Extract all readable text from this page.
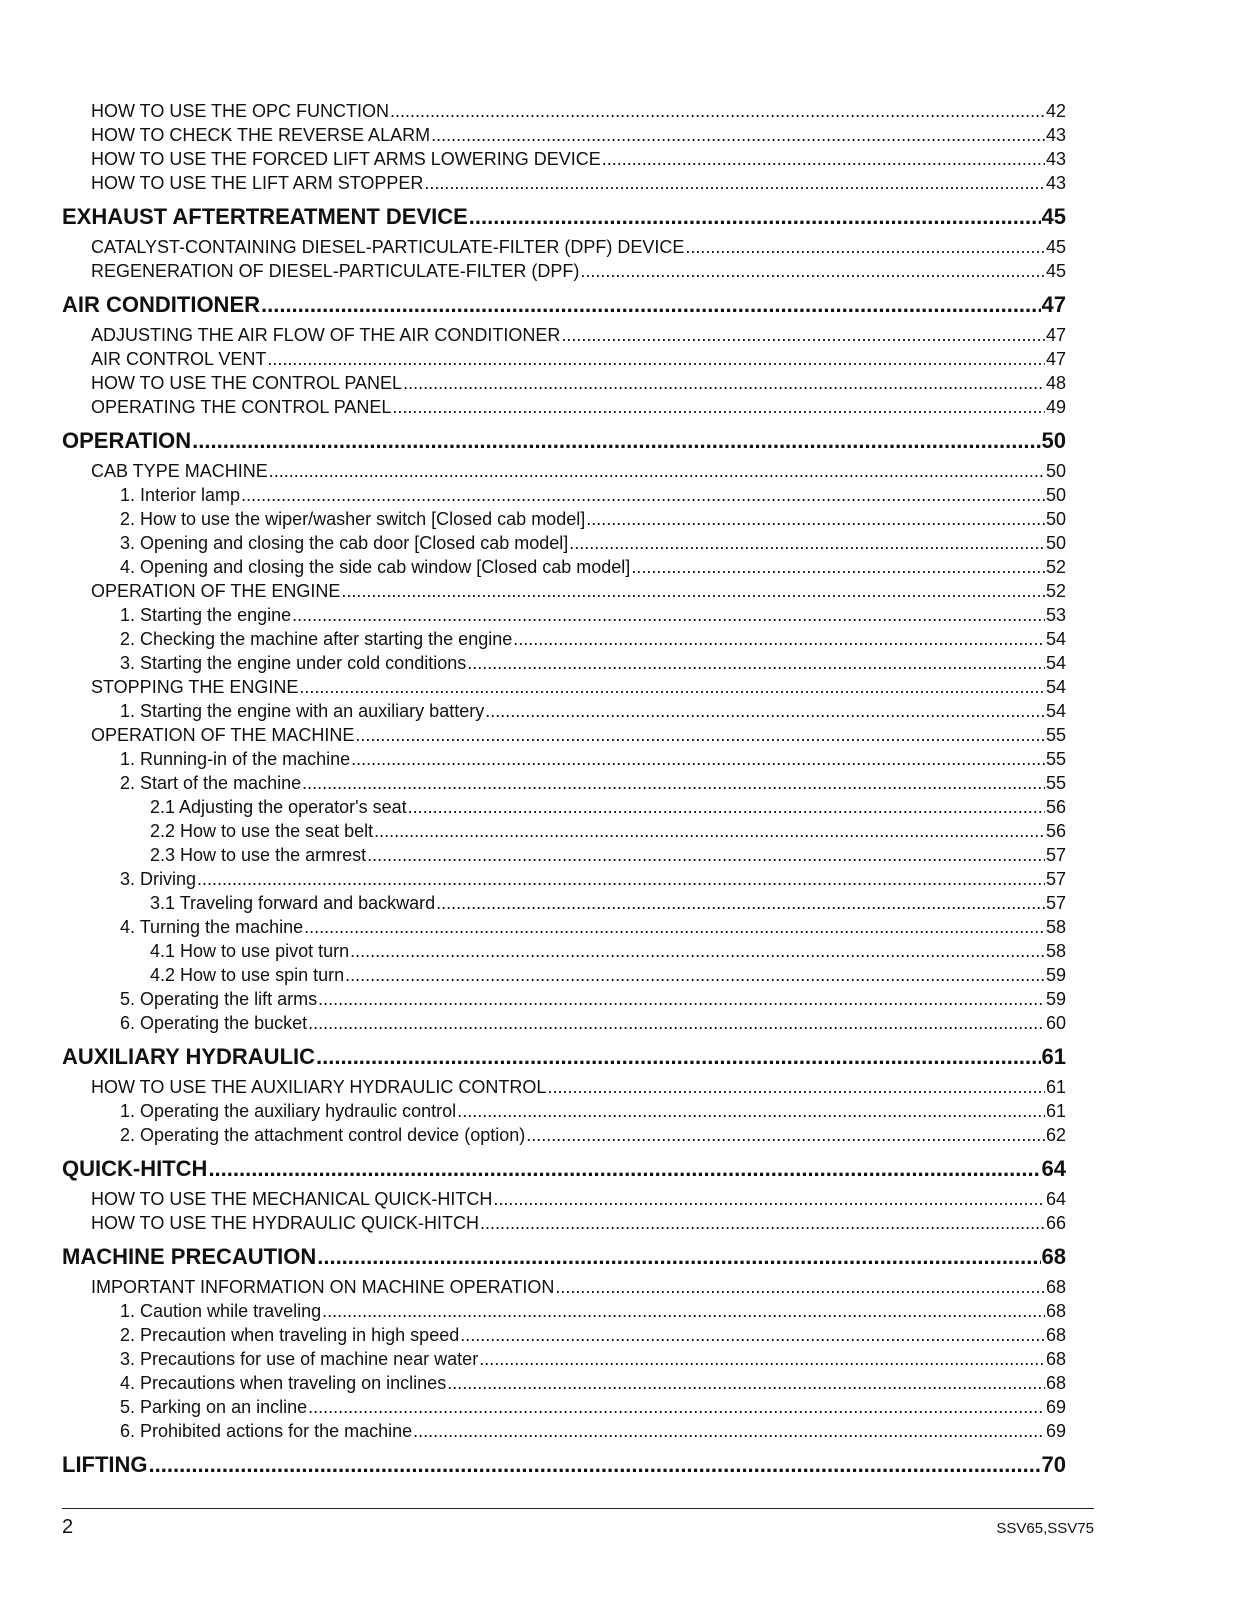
HOW TO USE THE OPC FUNCTION .....	42
HOW TO CHECK THE REVERSE ALARM .....	43
HOW TO USE THE FORCED LIFT ARMS LOWERING DEVICE .....	43
HOW TO USE THE LIFT ARM STOPPER .....	43
EXHAUST AFTERTREATMENT DEVICE .....	45
CATALYST-CONTAINING DIESEL-PARTICULATE-FILTER (DPF) DEVICE .....	45
REGENERATION OF DIESEL-PARTICULATE-FILTER (DPF) .....	45
AIR CONDITIONER .....	47
ADJUSTING THE AIR FLOW OF THE AIR CONDITIONER .....	47
AIR CONTROL VENT .....	47
HOW TO USE THE CONTROL PANEL .....	48
OPERATING THE CONTROL PANEL .....	49
OPERATION .....	50
CAB TYPE MACHINE .....	50
1. Interior lamp .....	50
2. How to use the wiper/washer switch [Closed cab model] .....	50
3. Opening and closing the cab door [Closed cab model] .....	50
4. Opening and closing the side cab window [Closed cab model] .....	52
OPERATION OF THE ENGINE .....	52
1. Starting the engine .....	53
2. Checking the machine after starting the engine .....	54
3. Starting the engine under cold conditions .....	54
STOPPING THE ENGINE .....	54
1. Starting the engine with an auxiliary battery .....	54
OPERATION OF THE MACHINE .....	55
1. Running-in of the machine .....	55
2. Start of the machine .....	55
2.1 Adjusting the operator's seat .....	56
2.2 How to use the seat belt .....	56
2.3 How to use the armrest .....	57
3. Driving .....	57
3.1 Traveling forward and backward .....	57
4. Turning the machine .....	58
4.1 How to use pivot turn .....	58
4.2 How to use spin turn .....	59
5. Operating the lift arms .....	59
6. Operating the bucket .....	60
AUXILIARY HYDRAULIC .....	61
HOW TO USE THE AUXILIARY HYDRAULIC CONTROL .....	61
1. Operating the auxiliary hydraulic control .....	61
2. Operating the attachment control device (option) .....	62
QUICK-HITCH .....	64
HOW TO USE THE MECHANICAL QUICK-HITCH .....	64
HOW TO USE THE HYDRAULIC QUICK-HITCH .....	66
MACHINE PRECAUTION .....	68
IMPORTANT INFORMATION ON MACHINE OPERATION .....	68
1. Caution while traveling .....	68
2. Precaution when traveling in high speed .....	68
3. Precautions for use of machine near water .....	68
4. Precautions when traveling on inclines .....	68
5. Parking on an incline .....	69
6. Prohibited actions for the machine .....	69
LIFTING .....	70
2	SSV65,SSV75
